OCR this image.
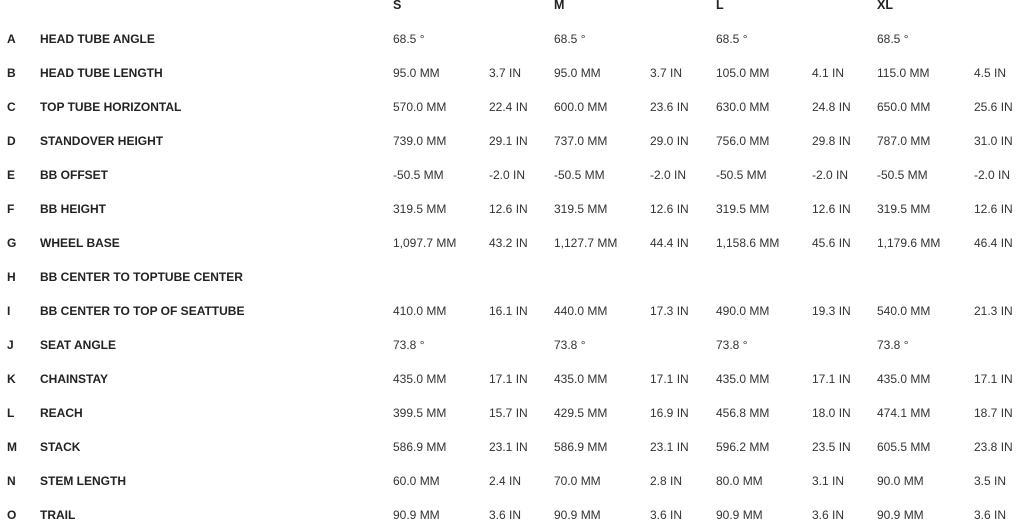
S	M	L	XL
A HEAD TUBE ANGLE	68.5 °	68.5 °	68.5 °	68.5 °
B HEAD TUBE LENGTH	95.0 MM	3.7 IN	95.0 MM	3.7 IN	105.0 MM	4.1 IN	115.0 MM	4.5 IN
C TOP TUBE HORIZONTAL	570.0 MM	22.4 IN 600.0 MM	23.6 IN 630.0 MM	24.8 IN 650.0 MM	25.6 IN
D STANDOVER HEIGHT	739.0 MM	29.1 IN 737.0 MM	29.0 IN 756.0 MM	29.8 IN 787.0 MM	31.0 IN
E BB OFFSET	-50.5 MM	-2.0 IN -50.5 MM	-2.0 IN -50.5 MM	-2.0 IN -50.5 MM	-2.0 IN
F BB HEIGHT	319.5 MM	12.6 IN 319.5 MM	12.6 IN 319.5 MM	12.6 IN 319.5 MM	12.6 IN
G WHEEL BASE	1,097.7 MM	43.2 IN 1,127.7 MM	44.4 IN 1,158.6 MM	45.6 IN 1,179.6 MM	46.4 IN
H BB CENTER TO TOPTUBE CENTER
I BB CENTER TO TOP OF SEATTUBE	410.0 MM	16.1 IN 440.0 MM	17.3 IN 490.0 MM	19.3 IN 540.0 MM	21.3 IN
J SEAT ANGLE	73.8 °	73.8 °	73.8 °	73.8 °
K CHAINSTAY	435.0 MM	17.1 IN 435.0 MM	17.1 IN 435.0 MM	17.1 IN 435.0 MM	17.1 IN
L REACH	399.5 MM	15.7 IN 429.5 MM	16.9 IN 456.8 MM	18.0 IN 474.1 MM	18.7 IN
M STACK	586.9 MM	23.1 IN 586.9 MM	23.1 IN 596.2 MM	23.5 IN 605.5 MM	23.8 IN
N STEM LENGTH	60.0 MM	2.4 IN	70.0 MM	2.8 IN	80.0 MM	3.1 IN	90.0 MM	3.5 IN
O TRAIL	90.9 MM	3.6 IN	90.9 MM	3.6 IN	90.9 MM	3.6 IN	90.9 MM	3.6 IN
